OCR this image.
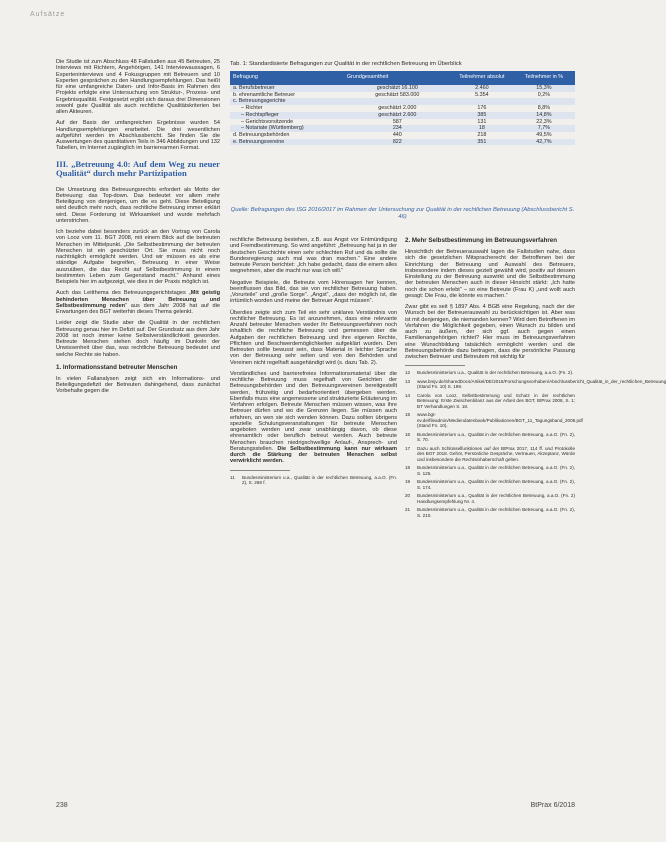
Aufsätze

Die Studie ist zum Abschluss 48 Fallstudien aus 45 Betreuten, 25 Interviews mit Richtern, Angehörigen, 141 Interviewaussagen, 6 Experteninterviews und 4 Fokusgruppen mit Betreuern und 10 Experten gesprächen zu den Handlungsempfehlungen. Das heißt für eine umfangreiche Daten- und Infor-Basis im Rahmen des Projekts erfolgte eine Untersuchung von Struktur-, Prozess- und Ergebnisqualität. Festgesetzt ergibt sich daraus drei Dimensionen sowohl gute Qualität als auch rechtliche Qualitätskriterien bei allen Akteuren.

Auf der Basis der umfangreichen Ergebnisse wurden 54 Handlungsempfehlungen erarbeitet. Die drei wesentlichen aufgeführt werden im Abschlussbericht. Sie finden Sie die Auswertungen des quantitativen Teils in 346 Abbildungen und 132 Tabellen, im Internet zugänglich im barrierearmen Format.

III. „Betreuung 4.0: Auf dem Weg zu neuer Qualität“ durch mehr Partizipation

Die Umsetzung des Betreuungsrechts erfordert als Motto der Betreuung: das Top-down. Das bedeutet vor allem mehr Beteiligung von denjenigen, um die es geht. Diese Beteiligung wird deutlich mehr noch, dass rechtliche Betreuung immer erklärt wird. Diese Forderung ist Wirksamkeit und wurde mehrfach unterstrichen.

Ich beziehe dabei besonders zurück an den Vortrag von Carola von Looz vom 11. BGT 2008, mit einem Blick auf die betreuten Menschen im Mittelpunkt. „Die Selbstbestimmung der betreuten Menschen ist ein geschützter Ort. Sie muss nicht noch nachträglich ermöglicht werden. Und wir müssen es als eine ständige Aufgabe begreifen, Betreuung in einer Weise auszuüben, die das Recht auf Selbstbestimmung in einem bestimmten Leben zum Gegenstand macht.“ Anhand eines Beispiels hier im aufgezeigt, wie dies in der Praxis möglich ist.

Auch das Leitthema des Betreuungsgerichtstages „Mit geistig behinderten Menschen über Betreuung und Selbstbestimmung reden“ aus dem Jahr 2008 hat auf die Erwartungen des BGT weiterhin dieses Thema gelenkt.

Leider zeigt die Studie aber die Qualität in der rechtlichen Betreuung genau hier im Defizit auf. Der Grundsatz aus dem Jahr 2008 ist noch immer keine Selbstverständlichkeit geworden. Betreute Menschen stehen doch häufig im Dunkeln der Unwissenheit über das, was rechtliche Betreuung bedeutet und welche Rechte sie haben.

1. Informationsstand betreuter Menschen

In vielen Fallanalysen zeigt sich ein Informations- und Beteiligungsdefizit der Betreuten dahingehend, dass zunächst Vorbehalte gegen die

Tab. 1: Standardisierte Befragungen zur Qualität in der rechtlichen Betreuung im Überblick
Befragung	Grundgesamtheit	Teilnehmer absolut	Teilnehmer in %
a. Berufsbetreuer	geschätzt 16.100	2.460	15,3%
b. ehrenamtliche Betreuer	geschätzt 583.000	5.354	0,2%
c. Betreuungsgerichte			
– Richter	geschätzt 2.000	176	8,8%
– Rechtspfleger	geschätzt 2.600	385	14,8%
– Gerichtsvorsitzende	587	131	22,3%
– Notariate (Württemberg)	234	18	7,7%
d. Betreuungsbehörden	440	218	49,5%
e. Betreuungsvereine	822	351	42,7%
Quelle: Befragungen des ISG 2016/2017 im Rahmen der Untersuchung zur Qualität in der rechtlichen Betreuung (Abschlussbericht S. 46)

rechtliche Betreuung bestehen, z.B. aus Angst vor Entmündigung und Fremdbestimmung. So wird angeführt: „Betreuung hat ja in der deutschen Geschichte einen sehr schlechten Ruf und da sollte die Bundesregierung auch mal was dran machen.“ Eine andere betreute Person berichtet: „Ich habe gedacht, dass die einem alles wegnehmen, aber die macht nur was ich will.“

Negative Beispiele, die Betreute vom Hörensagen her kennen, beeinflussen das Bild, das sie von rechtlicher Betreuung haben. „Vorurteile“ und „große Sorge“. „Angst“, „dass der möglich ist, die irrtümlich worden und meine der Betreuer Angst müssen“.

Überdies zeigte sich zum Teil ein sehr unklares Verständnis von rechtlicher Betreuung. Es ist anzunehmen, dass eine relevante Anzahl betreuter Menschen weder ihr Betreuungsverfahren noch inhaltlich die rechtliche Betreuung und gemessen über die Aufgaben der rechtlichen Betreuung und ihre eigenen Rechte, Pflichten und Beschwerdemöglichkeiten aufgeklärt wurden. Den Betreuten sollte bewusst sein, dass Material in leichter Sprache von der Betreuung sehr selten und von den Behörden und Vereinen nicht regelhaft ausgehändigt wird (s. dazu Tab. 2).

Verständliches und barrierefreies Informationsmaterial über die rechtliche Betreuung muss regelhaft von Gerichten der Betreuungsbehörden und den Betreuungsvereinen bereitgestellt werden, frühzeitig und bedarfsorientiert übergeben werden. Ebenfalls muss eine angemessene und strukturierte Erläuterung im Verfahren erfolgen. Betreute Menschen müssen wissen, was ihre Betreuer dürfen und wo die Grenzen liegen. Sie müssen auch erfahren, an wen sie sich wenden können. Dazu sollten übrigens spezielle Schulungsveranstaltungen für betreute Menschen angeboten werden und zwar unabhängig davon, ob diese ehrenamtlich oder beruflich betreut werden. Auch betreute Menschen brauchen niedrigschwellige Anlauf-, Ansprech- und Beratungsstellen. Die Selbstbestimmung kann nur wirksam durch die Stärkung der betreuten Menschen selbst verwirklicht werden.

11	Bundesministerium u.a., Qualität in der rechtlichen Betreuung, a.a.O. (Fn. 2), S. 268 f.
2. Mehr Selbstbestimmung im Betreuungsverfahren

Hinsichtlich der Betreuerauswahl lagen die Fallstudien nahe, dass sich die gesetzlichen Mitspracherecht der Betroffenen bei der Einrichtung der Betreuung und Auswahl des Betreuers, insbesondere indem dieses gezielt gewählt wird, positiv auf dessen Einstellung zu der Betreuung auswirkt und die Selbstbestimmung der betreuten Menschen auch in dieser Hinsicht stärkt: „Ich hatte noch die schon erlebt“ – so eine Betreute (Frau K) „und wollt auch gesagt: Die Frau, die könnte es machen.“

Zwar gibt es seit § 1897 Abs. 4 BGB eine Regelung, nach der der Wunsch bei der Betreuerauswahl zu berücksichtigen ist. Aber was ist mit denjenigen, die niemanden kennen? Wird dem Betroffenen im Verfahren die Möglichkeit gegeben, einen Wunsch zu bilden und auch zu äußern, der sich ggf. auch gegen einen Familienangehörigen richtet? Hier muss im Betreuungsverfahren eine Wunschbildung tatsächlich ermöglicht werden und die Betreuungsbehörde dazu beitragen, dass die persönliche Passung zwischen Betreuer und Betreutem mit wichtig für

12	Bundesministerium u.a., Qualität in der rechtlichen Betreuung, a.a.O. (Fn. 2).
13	www.bmjv.de/SharedDocs/Artikel/DE/2018/Forschungsvorhaben/Abschlussbericht_Qualität_in_der_rechtlichen_Betreuung (Stand Fn. 10) S. 199.
14	Carola von Looz, Selbstbestimmung und Schutz in der rechtlichen Betreuung: Erste Zwischenbilanz aus der Arbeit des BGT, BtPrax 2008, S. 1; BT Verhandlungen S. 18.
15	www.bgt-ev.de/fileadmin/Mediendatenbank/Publikationen/BGT_11_Tagungsband_2008.pdf (Stand Fn. 10).
16	Bundesministerium u.a., Qualität in der rechtlichen Betreuung, a.a.O. (Fn. 2), S. 70.
17	Dazu auch Schlüsselfunktionen auf der BtPrax 2017, 114 ff. und Protokolle des BGT 2018. Gehör, Persönliche Gespräche, Vertrauen, Akzeptanz, Würde und insbesondere die Rechtsinhaberschaft gelten.
18	Bundesministerium u.a., Qualität in der rechtlichen Betreuung, a.a.O. (Fn. 2), S. 125.
19	Bundesministerium u.a., Qualität in der rechtlichen Betreuung, a.a.O. (Fn. 2), S. 174.
20	Bundesministerium u.a., Qualität in der rechtlichen Betreuung, a.a.O. (Fn. 2) Handlungsempfehlung Nr. 4.
21	Bundesministerium u.a., Qualität in der rechtlichen Betreuung, a.a.O. (Fn. 2), S. 210.
238	BtPrax 6/2018
